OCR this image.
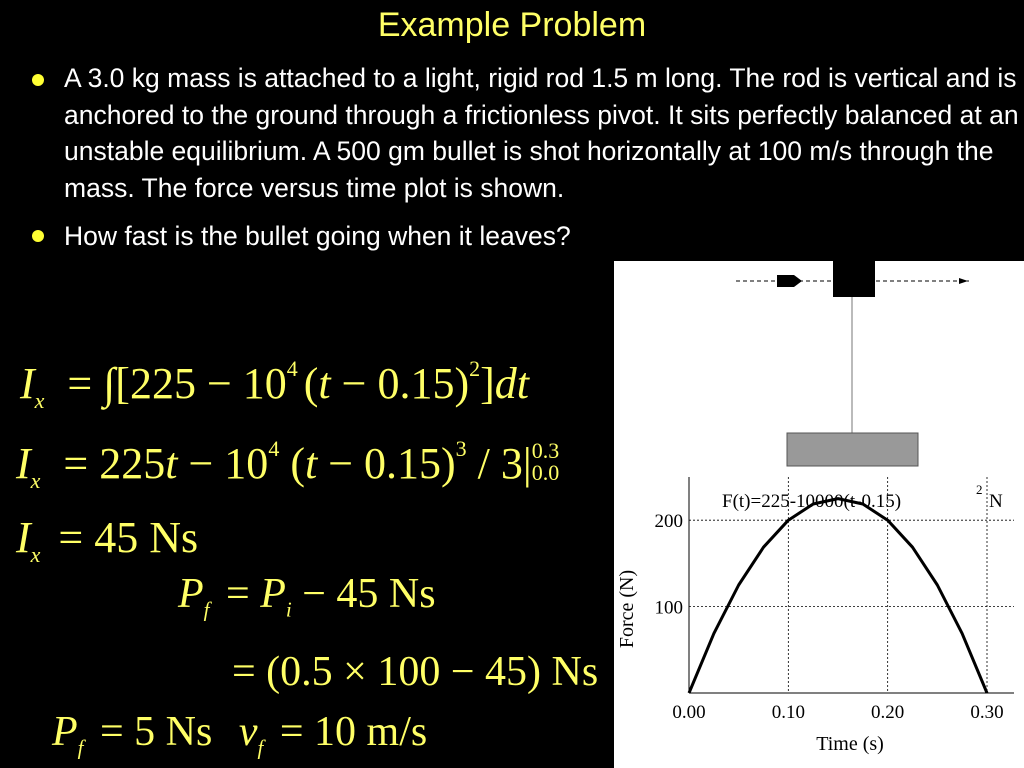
Example Problem
A 3.0 kg mass is attached to a light, rigid rod 1.5 m long. The rod is vertical and is anchored to the ground through a frictionless pivot. It sits perfectly balanced at an unstable equilibrium. A 500 gm bullet is shot horizontally at 100 m/s through the mass. The force versus time plot is shown.
How fast is the bullet going when it leaves?
$I_x = \int[225 - 10^4$ $(t - 0.15)^2]dt$
$I_x = 225t - 10^4$ $(t - 0.15)^3 / 3|$ 0.3
0.0
$I_x = 45$ Ns
$P_f = P_i - 45$ Ns
= (0.5 × 100 − 45) Ns
$P_f = 5$ Ns $v_f = 10$ m/s	0.00	0.10	0.20	0.30
100
200
F(t)=225-10000(t-0.15)
2
N
Time (s)
Force (N)
